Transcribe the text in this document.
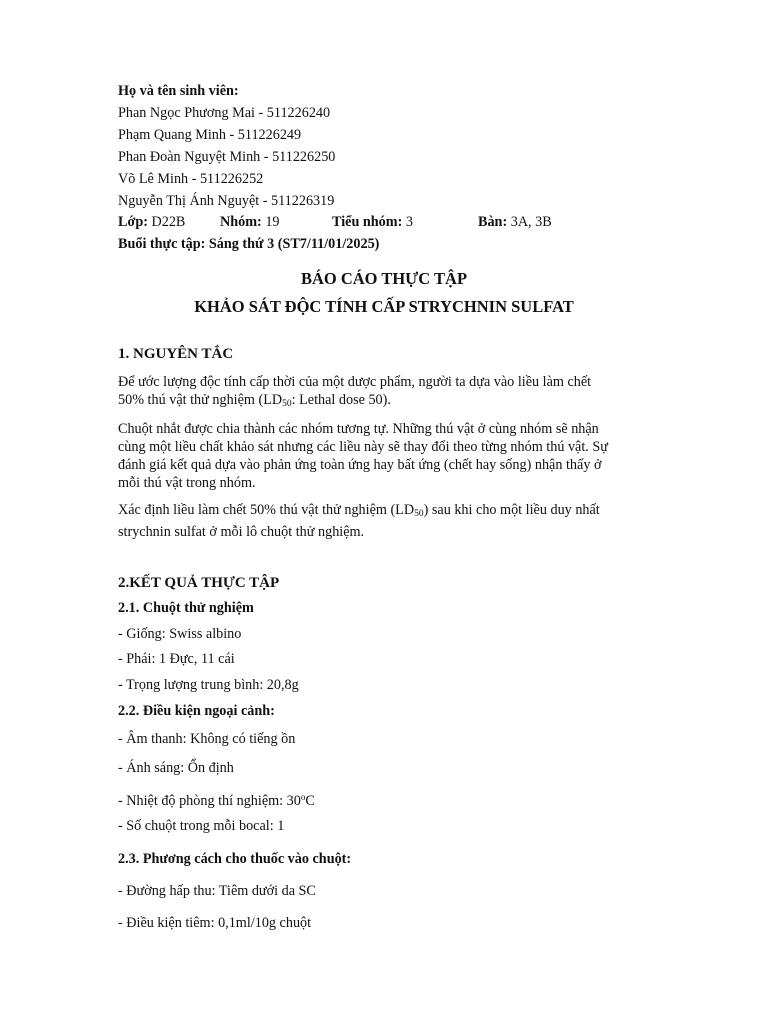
Họ và tên sinh viên:
Phan Ngọc Phương Mai - 511226240
Phạm Quang Minh - 511226249
Phan Đoàn Nguyệt Minh - 511226250
Võ Lê Minh - 511226252
Nguyễn Thị Ánh Nguyệt - 511226319
Lớp: D22B Nhóm: 19	Tiểu nhóm: 3	Bàn: 3A, 3B
Buổi thực tập: Sáng thứ 3 (ST7/11/01/2025)
BÁO CÁO THỰC TẬP
KHẢO SÁT ĐỘC TÍNH CẤP STRYCHNIN SULFAT
1. NGUYÊN TẮC
Để ước lượng độc tính cấp thời của một dược phẩm, người ta dựa vào liều làm chết
50% thú vật thử nghiệm ($LD_{50}$: Lethal dose 50).
Chuột nhắt được chia thành các nhóm tương tự. Những thú vật ở cùng nhóm sẽ nhận
cùng một liều chất khảo sát nhưng các liều này sẽ thay đổi theo từng nhóm thú vật. Sự
đánh giá kết quả dựa vào phản ứng toàn ứng hay bất ứng (chết hay sống) nhận thấy ở
mỗi thú vật trong nhóm.
Xác định liều làm chết 50% thú vật thử nghiệm $(LD_{50})$ sau khi cho một liều duy nhất
strychnin sulfat ở mỗi lô chuột thử nghiệm.
2.KẾT QUẢ THỰC TẬP
2.1. Chuột thử nghiệm
- Giống: Swiss albino
- Phái: 1 Đực, 11 cái
- Trọng lượng trung bình: 20,8g
2.2. Điều kiện ngoại cảnh:
- Âm thanh: Không có tiếng ồn
- Ánh sáng: Ổn định
- Nhiệt độ phòng thí nghiệm: 30$^o$C
- Số chuột trong mỗi bocal: 1
2.3. Phương cách cho thuốc vào chuột:
- Đường hấp thu: Tiêm dưới da SC
- Điều kiện tiêm: 0,1ml/10g chuột
